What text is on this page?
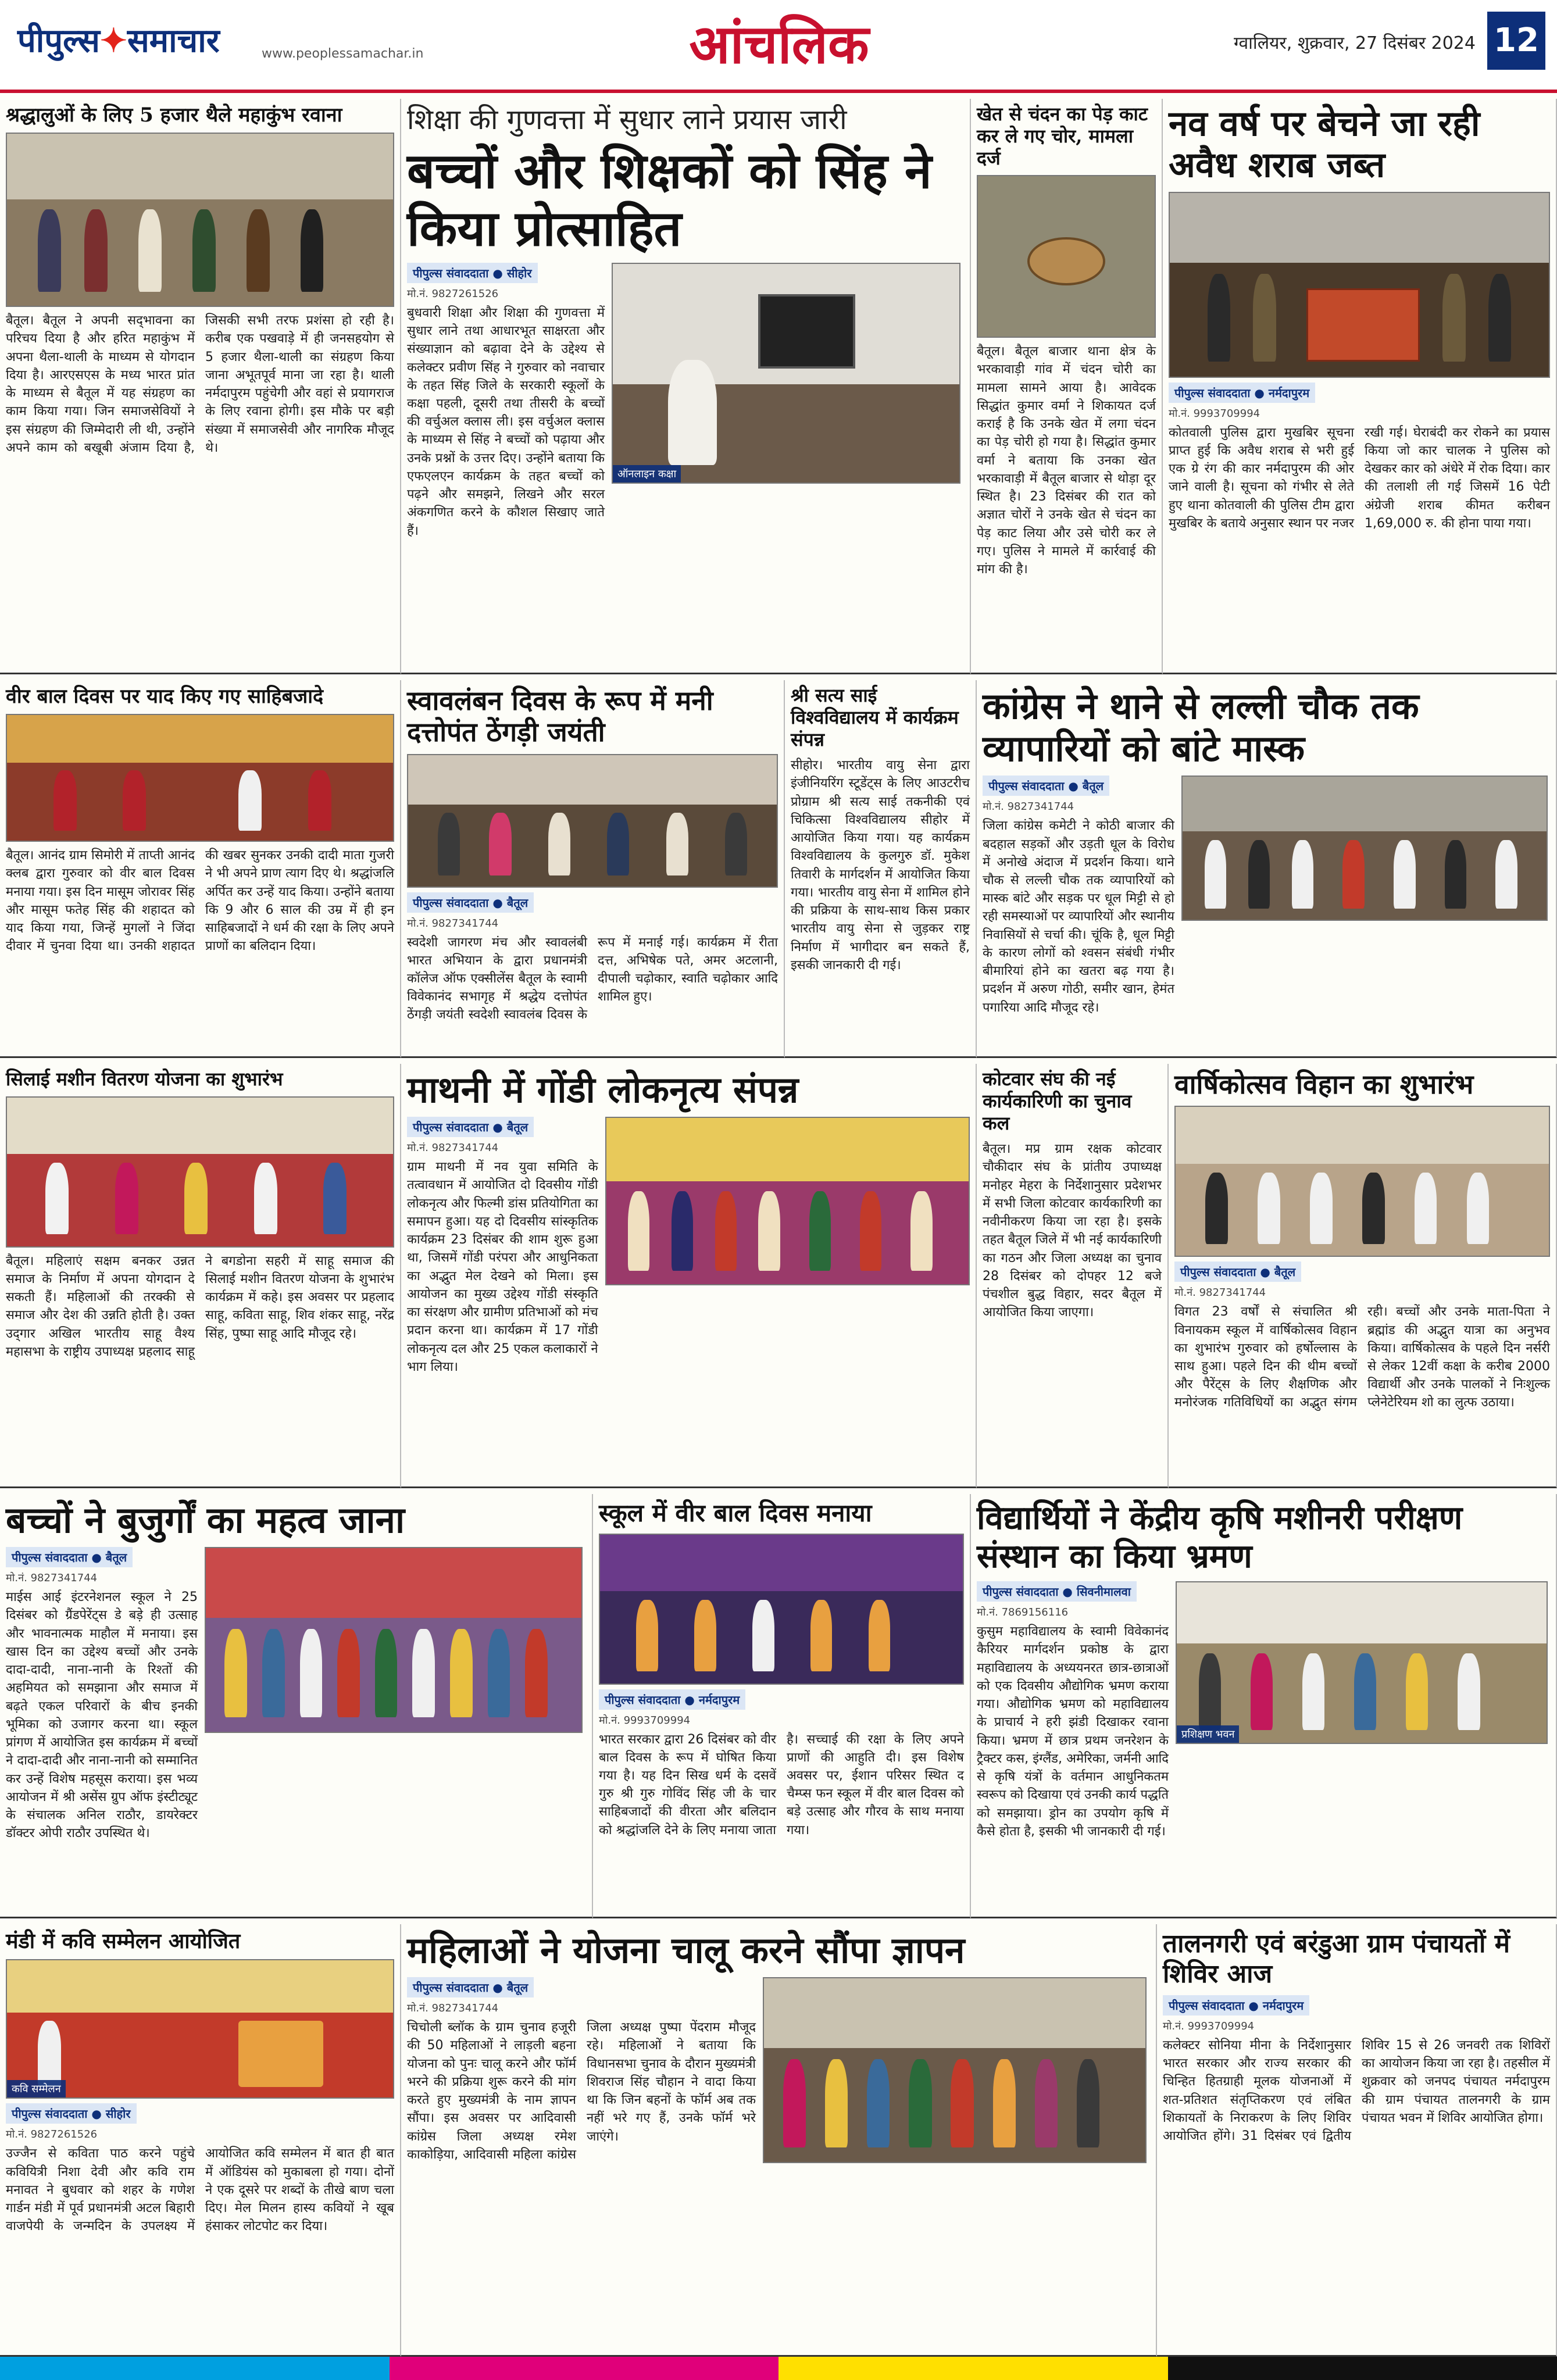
पीपुल्स✦समाचार	www.peoplessamachar.in	आंचलिक	ग्वालियर, शुक्रवार, 27 दिसंबर 2024 12
श्रद्धालुओं के लिए 5 हजार थैले महाकुंभ रवाना
बैतूल। बैतूल ने अपनी सद्‌भावना का परिचय दिया है और हरित महाकुंभ में अपना थैला-थाली के माध्यम से योगदान दिया है। आरएसएस के मध्य भारत प्रांत के माध्यम से बैतूल में यह संग्रहण का काम किया गया। जिन समाजसेवियों ने इस संग्रहण की जिम्मेदारी ली थी, उन्होंने अपने काम को बखूबी अंजाम दिया है, जिसकी सभी तरफ प्रशंसा हो रही है। करीब एक पखवाड़े में ही जनसहयोग से 5 हजार थैला-थाली का संग्रहण किया जाना अभूतपूर्व माना जा रहा है। थाली नर्मदापुरम पहुंचेगी और वहां से प्रयागराज के लिए रवाना होगी। इस मौके पर बड़ी संख्या में समाजसेवी और नागरिक मौजूद थे।
शिक्षा की गुणवत्ता में सुधार लाने प्रयास जारी
बच्चों और शिक्षकों को सिंह ने किया प्रोत्साहित
पीपुल्स संवाददाता ● सीहोर
मो.नं. 9827261526
बुधवारी शिक्षा और शिक्षा की गुणवत्ता में सुधार लाने तथा आधारभूत साक्षरता और संख्याज्ञान को बढ़ावा देने के उद्देश्य से कलेक्टर प्रवीण सिंह ने गुरुवार को नवाचार के तहत सिंह जिले के सरकारी स्कूलों के कक्षा पहली, दूसरी तथा तीसरी के बच्चों की वर्चुअल क्लास ली। इस वर्चुअल क्लास के माध्यम से सिंह ने बच्चों को पढ़ाया और उनके प्रश्नों के उत्तर दिए। उन्होंने बताया कि एफएलएन कार्यक्रम के तहत बच्चों को पढ़ने और समझने, लिखने और सरल अंकगणित करने के कौशल सिखाए जाते हैं।
ऑनलाइन कक्षा
खेत से चंदन का पेड़ काट कर ले गए चोर, मामला दर्ज
बैतूल। बैतूल बाजार थाना क्षेत्र के भरकावाड़ी गांव में चंदन चोरी का मामला सामने आया है। आवेदक सिद्धांत कुमार वर्मा ने शिकायत दर्ज कराई है कि उनके खेत में लगा चंदन का पेड़ चोरी हो गया है। सिद्धांत कुमार वर्मा ने बताया कि उनका खेत भरकावाड़ी में बैतूल बाजार से थोड़ा दूर स्थित है। 23 दिसंबर की रात को अज्ञात चोरों ने उनके खेत से चंदन का पेड़ काट लिया और उसे चोरी कर ले गए। पुलिस ने मामले में कार्रवाई की मांग की है।
नव वर्ष पर बेचने जा रही अवैध शराब जब्त
पीपुल्स संवाददाता ● नर्मदापुरम
मो.नं. 9993709994
कोतवाली पुलिस द्वारा मुखबिर सूचना प्राप्त हुई कि अवैध शराब से भरी हुई एक ग्रे रंग की कार नर्मदापुरम की ओर जाने वाली है। सूचना को गंभीर से लेते हुए थाना कोतवाली की पुलिस टीम द्वारा मुखबिर के बताये अनुसार स्थान पर नजर रखी गई। घेराबंदी कर रोकने का प्रयास किया जो कार चालक ने पुलिस को देखकर कार को अंधेरे में रोक दिया। कार की तलाशी ली गई जिसमें 16 पेटी अंग्रेजी शराब कीमत करीबन 1,69,000 रु. की होना पाया गया।
वीर बाल दिवस पर याद किए गए साहिबजादे
बैतूल। आनंद ग्राम सिमोरी में ताप्ती आनंद क्लब द्वारा गुरुवार को वीर बाल दिवस मनाया गया। इस दिन मासूम जोरावर सिंह और मासूम फतेह सिंह की शहादत को याद किया गया, जिन्हें मुगलों ने जिंदा दीवार में चुनवा दिया था। उनकी शहादत की खबर सुनकर उनकी दादी माता गुजरी ने भी अपने प्राण त्याग दिए थे। श्रद्धांजलि अर्पित कर उन्हें याद किया। उन्होंने बताया कि 9 और 6 साल की उम्र में ही इन साहिबजादों ने धर्म की रक्षा के लिए अपने प्राणों का बलिदान दिया।
स्वावलंबन दिवस के रूप में मनी दत्तोपंत ठेंगड़ी जयंती
पीपुल्स संवाददाता ● बैतूल
मो.नं. 9827341744
स्वदेशी जागरण मंच और स्वावलंबी भारत अभियान के द्वारा प्रधानमंत्री कॉलेज ऑफ एक्सीलेंस बैतूल के स्वामी विवेकानंद सभागृह में श्रद्धेय दत्तोपंत ठेंगड़ी जयंती स्वदेशी स्वावलंब दिवस के रूप में मनाई गई। कार्यक्रम में रीता दत्त, अभिषेक पते, अमर अटलानी, दीपाली चढ़ोकार, स्वाति चढ़ोकार आदि शामिल हुए।
श्री सत्य साई विश्वविद्यालय में कार्यक्रम संपन्न
सीहोर। भारतीय वायु सेना द्वारा इंजीनियरिंग स्टूडेंट्स के लिए आउटरीच प्रोग्राम श्री सत्य साई तकनीकी एवं चिकित्सा विश्वविद्यालय सीहोर में आयोजित किया गया। यह कार्यक्रम विश्वविद्यालय के कुलगुरु डॉ. मुकेश तिवारी के मार्गदर्शन में आयोजित किया गया। भारतीय वायु सेना में शामिल होने की प्रक्रिया के साथ-साथ किस प्रकार भारतीय वायु सेना से जुड़कर राष्ट्र निर्माण में भागीदार बन सकते हैं, इसकी जानकारी दी गई।
कांग्रेस ने थाने से लल्ली चौक तक व्यापारियों को बांटे मास्क
पीपुल्स संवाददाता ● बैतूल
मो.नं. 9827341744
जिला कांग्रेस कमेटी ने कोठी बाजार की बदहाल सड़कों और उड़ती धूल के विरोध में अनोखे अंदाज में प्रदर्शन किया। थाने चौक से लल्ली चौक तक व्यापारियों को मास्क बांटे और सड़क पर धूल मिट्टी से हो रही समस्याओं पर व्यापारियों और स्थानीय निवासियों से चर्चा की। चूंकि है, धूल मिट्टी के कारण लोगों को श्वसन संबंधी गंभीर बीमारियां होने का खतरा बढ़ गया है। प्रदर्शन में अरुण गोठी, समीर खान, हेमंत पगारिया आदि मौजूद रहे।
सिलाई मशीन वितरण योजना का शुभारंभ
बैतूल। महिलाएं सक्षम बनकर उन्नत समाज के निर्माण में अपना योगदान दे सकती हैं। महिलाओं की तरक्की से समाज और देश की उन्नति होती है। उक्त उद्‌गार अखिल भारतीय साहू वैश्य महासभा के राष्ट्रीय उपाध्यक्ष प्रहलाद साहू ने बगडोना सहरी में साहू समाज की सिलाई मशीन वितरण योजना के शुभारंभ कार्यक्रम में कहे। इस अवसर पर प्रहलाद साहू, कविता साहू, शिव शंकर साहू, नरेंद्र सिंह, पुष्पा साहू आदि मौजूद रहे।
माथनी में गोंडी लोकनृत्य संपन्न
पीपुल्स संवाददाता ● बैतूल
मो.नं. 9827341744
ग्राम माथनी में नव युवा समिति के तत्वावधान में आयोजित दो दिवसीय गोंडी लोकनृत्य और फिल्मी डांस प्रतियोगिता का समापन हुआ। यह दो दिवसीय सांस्कृतिक कार्यक्रम 23 दिसंबर की शाम शुरू हुआ था, जिसमें गोंडी परंपरा और आधुनिकता का अद्भुत मेल देखने को मिला। इस आयोजन का मुख्य उद्देश्य गोंडी संस्कृति का संरक्षण और ग्रामीण प्रतिभाओं को मंच प्रदान करना था। कार्यक्रम में 17 गोंडी लोकनृत्य दल और 25 एकल कलाकारों ने भाग लिया।
कोटवार संघ की नई कार्यकारिणी का चुनाव कल
बैतूल। मप्र ग्राम रक्षक कोटवार चौकीदार संघ के प्रांतीय उपाध्यक्ष मनोहर मेहरा के निर्देशानुसार प्रदेशभर में सभी जिला कोटवार कार्यकारिणी का नवीनीकरण किया जा रहा है। इसके तहत बैतूल जिले में भी नई कार्यकारिणी का गठन और जिला अध्यक्ष का चुनाव 28 दिसंबर को दोपहर 12 बजे पंचशील बुद्ध विहार, सदर बैतूल में आयोजित किया जाएगा।
वार्षिकोत्सव विहान का शुभारंभ
पीपुल्स संवाददाता ● बैतूल
मो.नं. 9827341744
विगत 23 वर्षों से संचालित श्री विनायकम स्कूल में वार्षिकोत्सव विहान का शुभारंभ गुरुवार को हर्षोल्लास के साथ हुआ। पहले दिन की थीम बच्चों और पैरेंट्स के लिए शैक्षणिक और मनोरंजक गतिविधियों का अद्भुत संगम रही। बच्चों और उनके माता-पिता ने ब्रह्मांड की अद्भुत यात्रा का अनुभव किया। वार्षिकोत्सव के पहले दिन नर्सरी से लेकर 12वीं कक्षा के करीब 2000 विद्यार्थी और उनके पालकों ने निःशुल्क प्लेनेटेरियम शो का लुत्फ उठाया।
बच्चों ने बुजुर्गों का महत्व जाना
पीपुल्स संवाददाता ● बैतूल
मो.नं. 9827341744
माईस आई इंटरनेशनल स्कूल ने 25 दिसंबर को ग्रैंडपेरेंट्स डे बड़े ही उत्साह और भावनात्मक माहौल में मनाया। इस खास दिन का उद्देश्य बच्चों और उनके दादा-दादी, नाना-नानी के रिश्तों की अहमियत को समझाना और समाज में बढ़ते एकल परिवारों के बीच इनकी भूमिका को उजागर करना था। स्कूल प्रांगण में आयोजित इस कार्यक्रम में बच्चों ने दादा-दादी और नाना-नानी को सम्मानित कर उन्हें विशेष महसूस कराया। इस भव्य आयोजन में श्री असेंस ग्रुप ऑफ इंस्टीट्यूट के संचालक अनिल राठौर, डायरेक्टर डॉक्टर ओपी राठौर उपस्थित थे।
स्कूल में वीर बाल दिवस मनाया
पीपुल्स संवाददाता ● नर्मदापुरम
मो.नं. 9993709994
भारत सरकार द्वारा 26 दिसंबर को वीर बाल दिवस के रूप में घोषित किया गया है। यह दिन सिख धर्म के दसवें गुरु श्री गुरु गोविंद सिंह जी के चार साहिबजादों की वीरता और बलिदान को श्रद्धांजलि देने के लिए मनाया जाता है। सच्चाई की रक्षा के लिए अपने प्राणों की आहुति दी। इस विशेष अवसर पर, ईशान परिसर स्थित द चैम्प्स फन स्कूल में वीर बाल दिवस को बड़े उत्साह और गौरव के साथ मनाया गया।
विद्यार्थियों ने केंद्रीय कृषि मशीनरी परीक्षण संस्थान का किया भ्रमण
पीपुल्स संवाददाता ● सिवनीमालवा
मो.नं. 7869156116
कुसुम महाविद्यालय के स्वामी विवेकानंद कैरियर मार्गदर्शन प्रकोष्ठ के द्वारा महाविद्यालय के अध्ययनरत छात्र-छात्राओं को एक दिवसीय औद्योगिक भ्रमण कराया गया। औद्योगिक भ्रमण को महाविद्यालय के प्राचार्य ने हरी झंडी दिखाकर रवाना किया। भ्रमण में छात्र प्रथम जनरेशन के ट्रैक्टर कस, इंग्लैंड, अमेरिका, जर्मनी आदि से कृषि यंत्रों के वर्तमान आधुनिकतम स्वरूप को दिखाया एवं उनकी कार्य पद्धति को समझाया। ड्रोन का उपयोग कृषि में कैसे होता है, इसकी भी जानकारी दी गई।
प्रशिक्षण भवन
मंडी में कवि सम्मेलन आयोजित
कवि सम्मेलन
पीपुल्स संवाददाता ● सीहोर
मो.नं. 9827261526
उज्जैन से कविता पाठ करने पहुंचे कवियित्री निशा देवी और कवि राम मनावत ने बुधवार को शहर के गणेश गार्डन मंडी में पूर्व प्रधानमंत्री अटल बिहारी वाजपेयी के जन्मदिन के उपलक्ष्य में आयोजित कवि सम्मेलन में बात ही बात में ऑडियंस को मुकाबला हो गया। दोनों ने एक दूसरे पर शब्दों के तीखे बाण चला दिए। मेल मिलन हास्य कवियों ने खूब हंसाकर लोटपोट कर दिया।
महिलाओं ने योजना चालू करने सौंपा ज्ञापन
पीपुल्स संवाददाता ● बैतूल
मो.नं. 9827341744
चिचोली ब्लॉक के ग्राम चुनाव हजूरी की 50 महिलाओं ने लाड़ली बहना योजना को पुनः चालू करने और फॉर्म भरने की प्रक्रिया शुरू करने की मांग करते हुए मुख्यमंत्री के नाम ज्ञापन सौंपा। इस अवसर पर आदिवासी कांग्रेस जिला अध्यक्ष रमेश काकोड़िया, आदिवासी महिला कांग्रेस जिला अध्यक्ष पुष्पा पेंदराम मौजूद रहे। महिलाओं ने बताया कि विधानसभा चुनाव के दौरान मुख्यमंत्री शिवराज सिंह चौहान ने वादा किया था कि जिन बहनों के फॉर्म अब तक नहीं भरे गए हैं, उनके फॉर्म भरे जाएंगे।
तालनगरी एवं बरंडुआ ग्राम पंचायतों में शिविर आज
पीपुल्स संवाददाता ● नर्मदापुरम
मो.नं. 9993709994
कलेक्टर सोनिया मीना के निर्देशानुसार भारत सरकार और राज्य सरकार की चिन्हित हितग्राही मूलक योजनाओं में शत-प्रतिशत संतृप्तिकरण एवं लंबित शिकायतों के निराकरण के लिए शिविर आयोजित होंगे। 31 दिसंबर एवं द्वितीय शिविर 15 से 26 जनवरी तक शिविरों का आयोजन किया जा रहा है। तहसील में शुक्रवार को जनपद पंचायत नर्मदापुरम की ग्राम पंचायत तालनगरी के ग्राम पंचायत भवन में शिविर आयोजित होगा।
